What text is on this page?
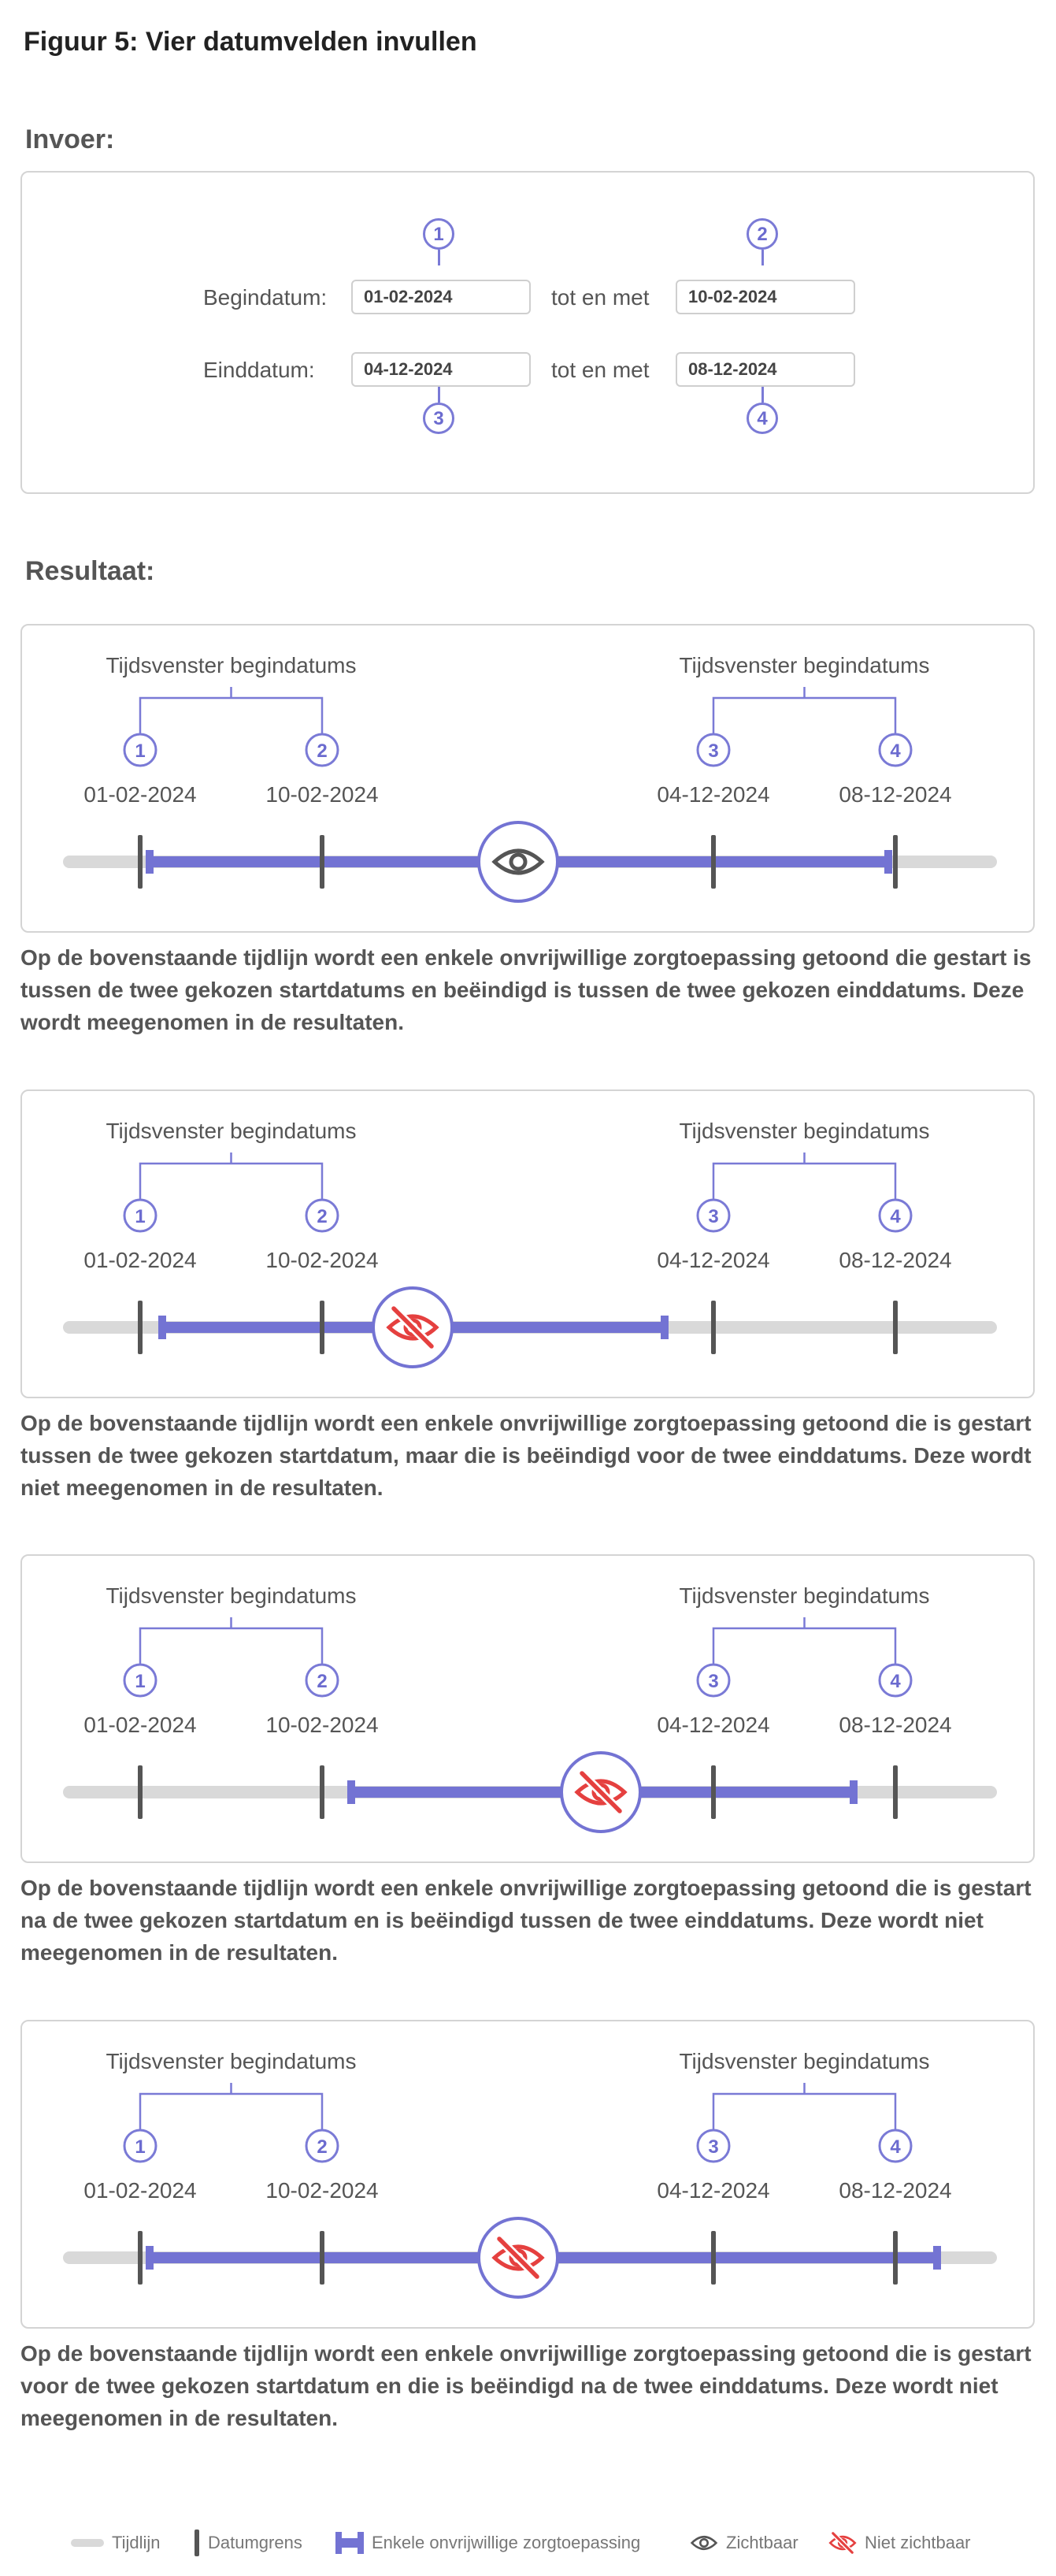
Figuur 5: Vier datumvelden invullen
Invoer:
1	2
Begindatum:	01-02-2024	tot en met	10-02-2024
Einddatum:	04-12-2024	tot en met	08-12-2024
3	4
Resultaat:
Tijdsvenster begindatums	Tijdsvenster begindatums
1
01-02-2024
2
10-02-2024
3
04-12-2024
4
08-12-2024
Op de bovenstaande tijdlijn wordt een enkele onvrijwillige zorgtoepassing getoond die gestart is tussen de twee gekozen startdatums en beëindigd is tussen de twee gekozen einddatums. Deze wordt meegenomen in de resultaten.
Tijdsvenster begindatums	Tijdsvenster begindatums
1
01-02-2024
2
10-02-2024
3
04-12-2024
4
08-12-2024
Op de bovenstaande tijdlijn wordt een enkele onvrijwillige zorgtoepassing getoond die is gestart tussen de twee gekozen startdatum, maar die is beëindigd voor de twee einddatums. Deze wordt niet meegenomen in de resultaten.
Tijdsvenster begindatums	Tijdsvenster begindatums
1
01-02-2024
2
10-02-2024
3
04-12-2024
4
08-12-2024
Op de bovenstaande tijdlijn wordt een enkele onvrijwillige zorgtoepassing getoond die is gestart na de twee gekozen startdatum en is beëindigd tussen de twee einddatums. Deze wordt niet meegenomen in de resultaten.
Tijdsvenster begindatums	Tijdsvenster begindatums
1
01-02-2024
2
10-02-2024
3
04-12-2024
4
08-12-2024
Op de bovenstaande tijdlijn wordt een enkele onvrijwillige zorgtoepassing getoond die is gestart voor de twee gekozen startdatum en die is beëindigd na de twee einddatums. Deze wordt niet meegenomen in de resultaten.
Tijdlijn	Datumgrens	Enkele onvrijwillige zorgtoepassing	Zichtbaar	Niet zichtbaar
